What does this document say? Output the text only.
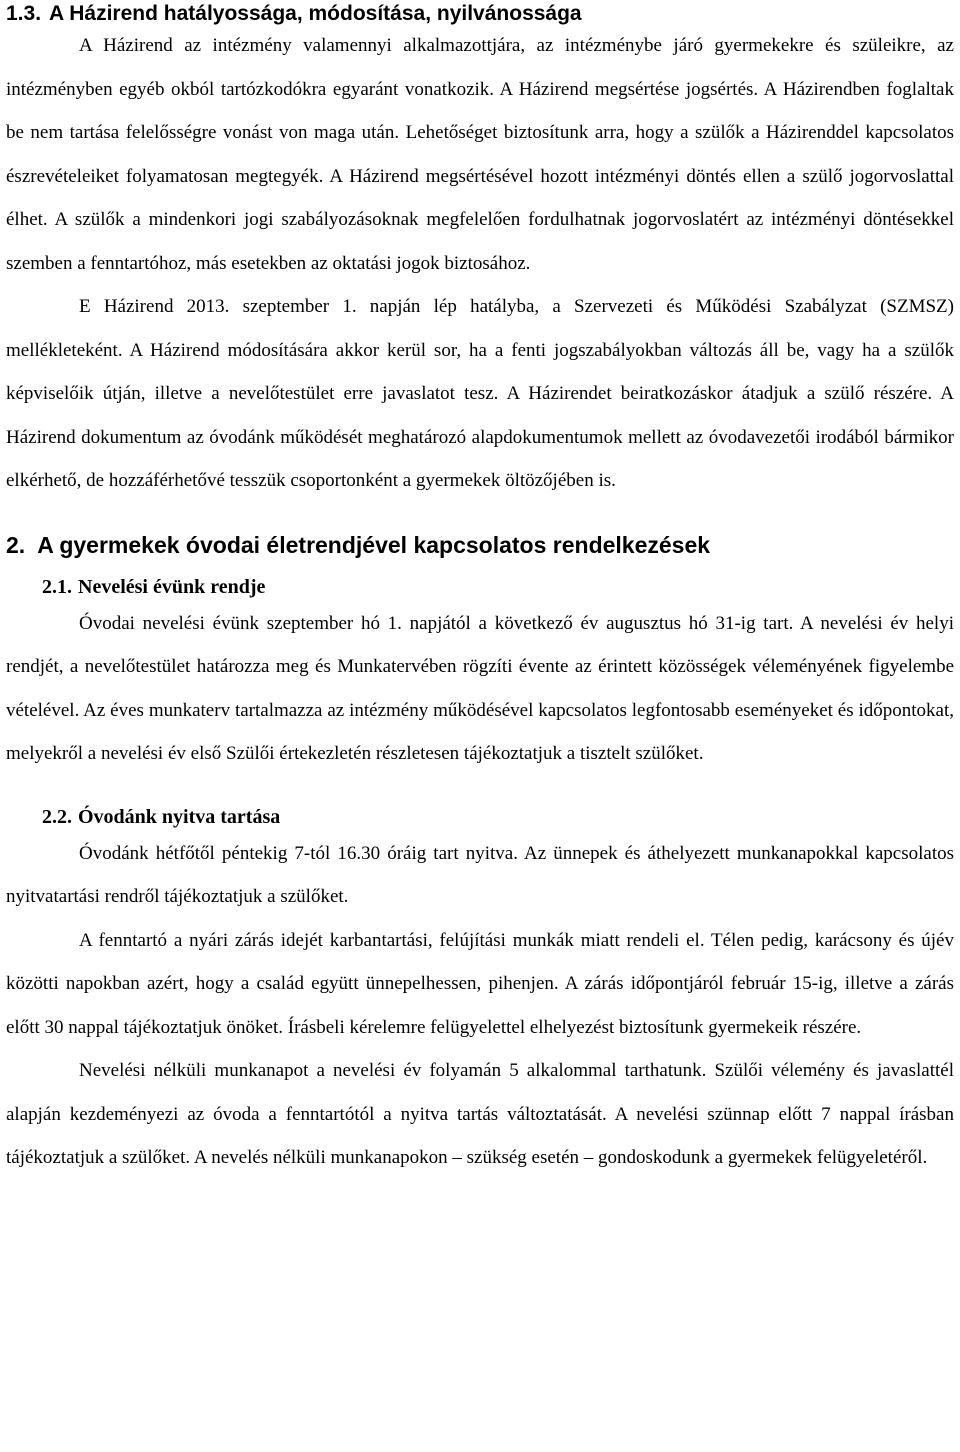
1.3. A Házirend hatályossága, módosítása, nyilvánossága

A Házirend az intézmény valamennyi alkalmazottjára, az intézménybe járó gyermekekre és szüleikre, az intézményben egyéb okból tartózkodókra egyaránt vonatkozik. A Házirend megsértése jogsértés. A Házirendben foglaltak be nem tartása felelősségre vonást von maga után. Lehetőséget biztosítunk arra, hogy a szülők a Házirenddel kapcsolatos észrevételeiket folyamatosan megtegyék. A Házirend megsértésével hozott intézményi döntés ellen a szülő jogorvoslattal élhet. A szülők a mindenkori jogi szabályozásoknak megfelelően fordulhatnak jogorvoslatért az intézményi döntésekkel szemben a fenntartóhoz, más esetekben az oktatási jogok biztosához.

E Házirend 2013. szeptember 1. napján lép hatályba, a Szervezeti és Működési Szabályzat (SZMSZ) mellékleteként. A Házirend módosítására akkor kerül sor, ha a fenti jogszabályokban változás áll be, vagy ha a szülők képviselőik útján, illetve a nevelőtestület erre javaslatot tesz. A Házirendet beiratkozáskor átadjuk a szülő részére. A Házirend dokumentum az óvodánk működését meghatározó alapdokumentumok mellett az óvodavezetői irodából bármikor elkérhető, de hozzáférhetővé tesszük csoportonként a gyermekek öltözőjében is.

2. A gyermekek óvodai életrendjével kapcsolatos rendelkezések
2.1. Nevelési évünk rendje

Óvodai nevelési évünk szeptember hó 1. napjától a következő év augusztus hó 31-ig tart. A nevelési év helyi rendjét, a nevelőtestület határozza meg és Munkatervében rögzíti évente az érintett közösségek véleményének figyelembe vételével. Az éves munkaterv tartalmazza az intézmény működésével kapcsolatos legfontosabb eseményeket és időpontokat, melyekről a nevelési év első Szülői értekezletén részletesen tájékoztatjuk a tisztelt szülőket.

2.2. Óvodánk nyitva tartása

Óvodánk hétfőtől péntekig 7-tól 16.30 óráig tart nyitva. Az ünnepek és áthelyezett munkanapokkal kapcsolatos nyitvatartási rendről tájékoztatjuk a szülőket.

A fenntartó a nyári zárás idejét karbantartási, felújítási munkák miatt rendeli el. Télen pedig, karácsony és újév közötti napokban azért, hogy a család együtt ünnepelhessen, pihenjen. A zárás időpontjáról február 15-ig, illetve a zárás előtt 30 nappal tájékoztatjuk önöket. Írásbeli kérelemre felügyelettel elhelyezést biztosítunk gyermekeik részére.

Nevelési nélküli munkanapot a nevelési év folyamán 5 alkalommal tarthatunk. Szülői vélemény és javaslattél alapján kezdeményezi az óvoda a fenntartótól a nyitva tartás változtatását. A nevelési szünnap előtt 7 nappal írásban tájékoztatjuk a szülőket. A nevelés nélküli munkanapokon – szükség esetén – gondoskodunk a gyermekek felügyeletéről.
